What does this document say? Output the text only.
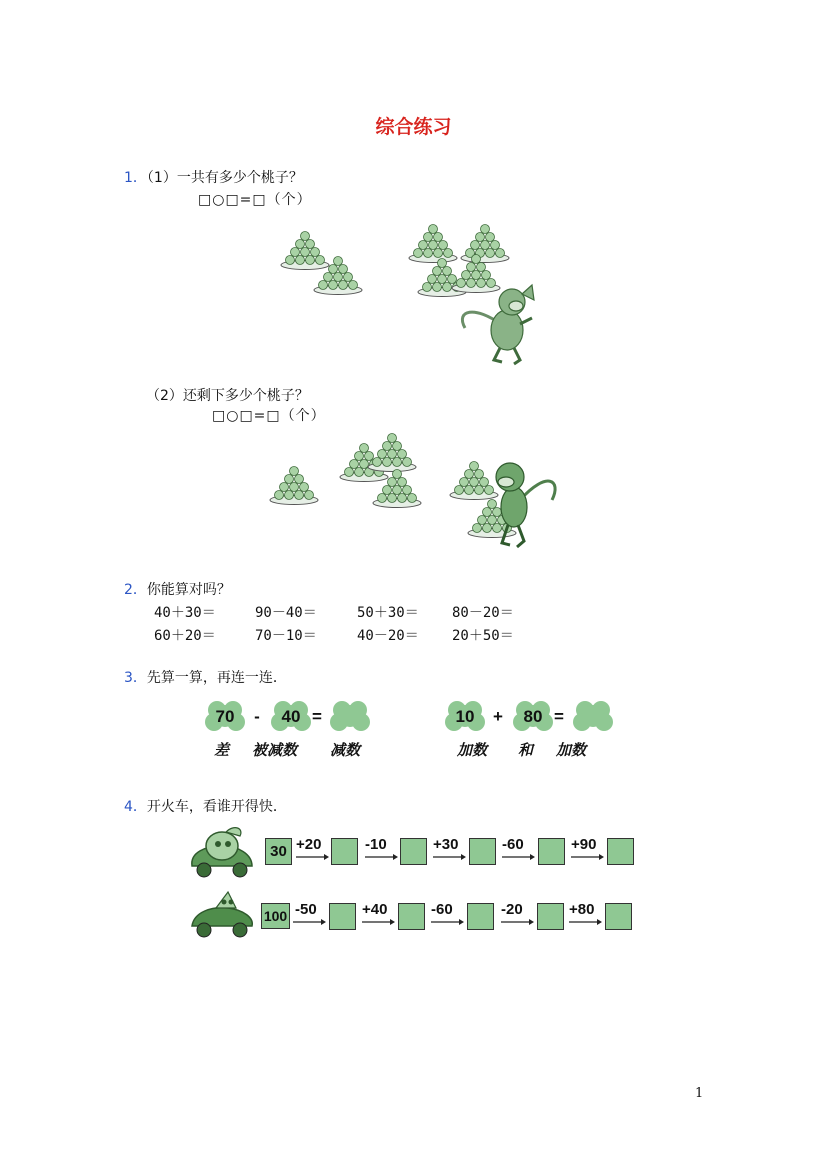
综合练习
1．（1）一共有多少个桃子？
□○□=□（个）
（2）还剩下多少个桃子？
□○□=□（个）
2．你能算对吗？
40＋30＝	90－40＝	50＋30＝ 80－20＝
60＋20＝	70－10＝	40－20＝ 20＋50＝
3．先算一算，再连一连．
70 - 40 =	10 + 80 =
差 被减数 减数	加数 和 加数
4．开火车，看谁开得快．
30 +20	-10	+30	-60	+90
100 -50	+40	-60	-20	+80
1
